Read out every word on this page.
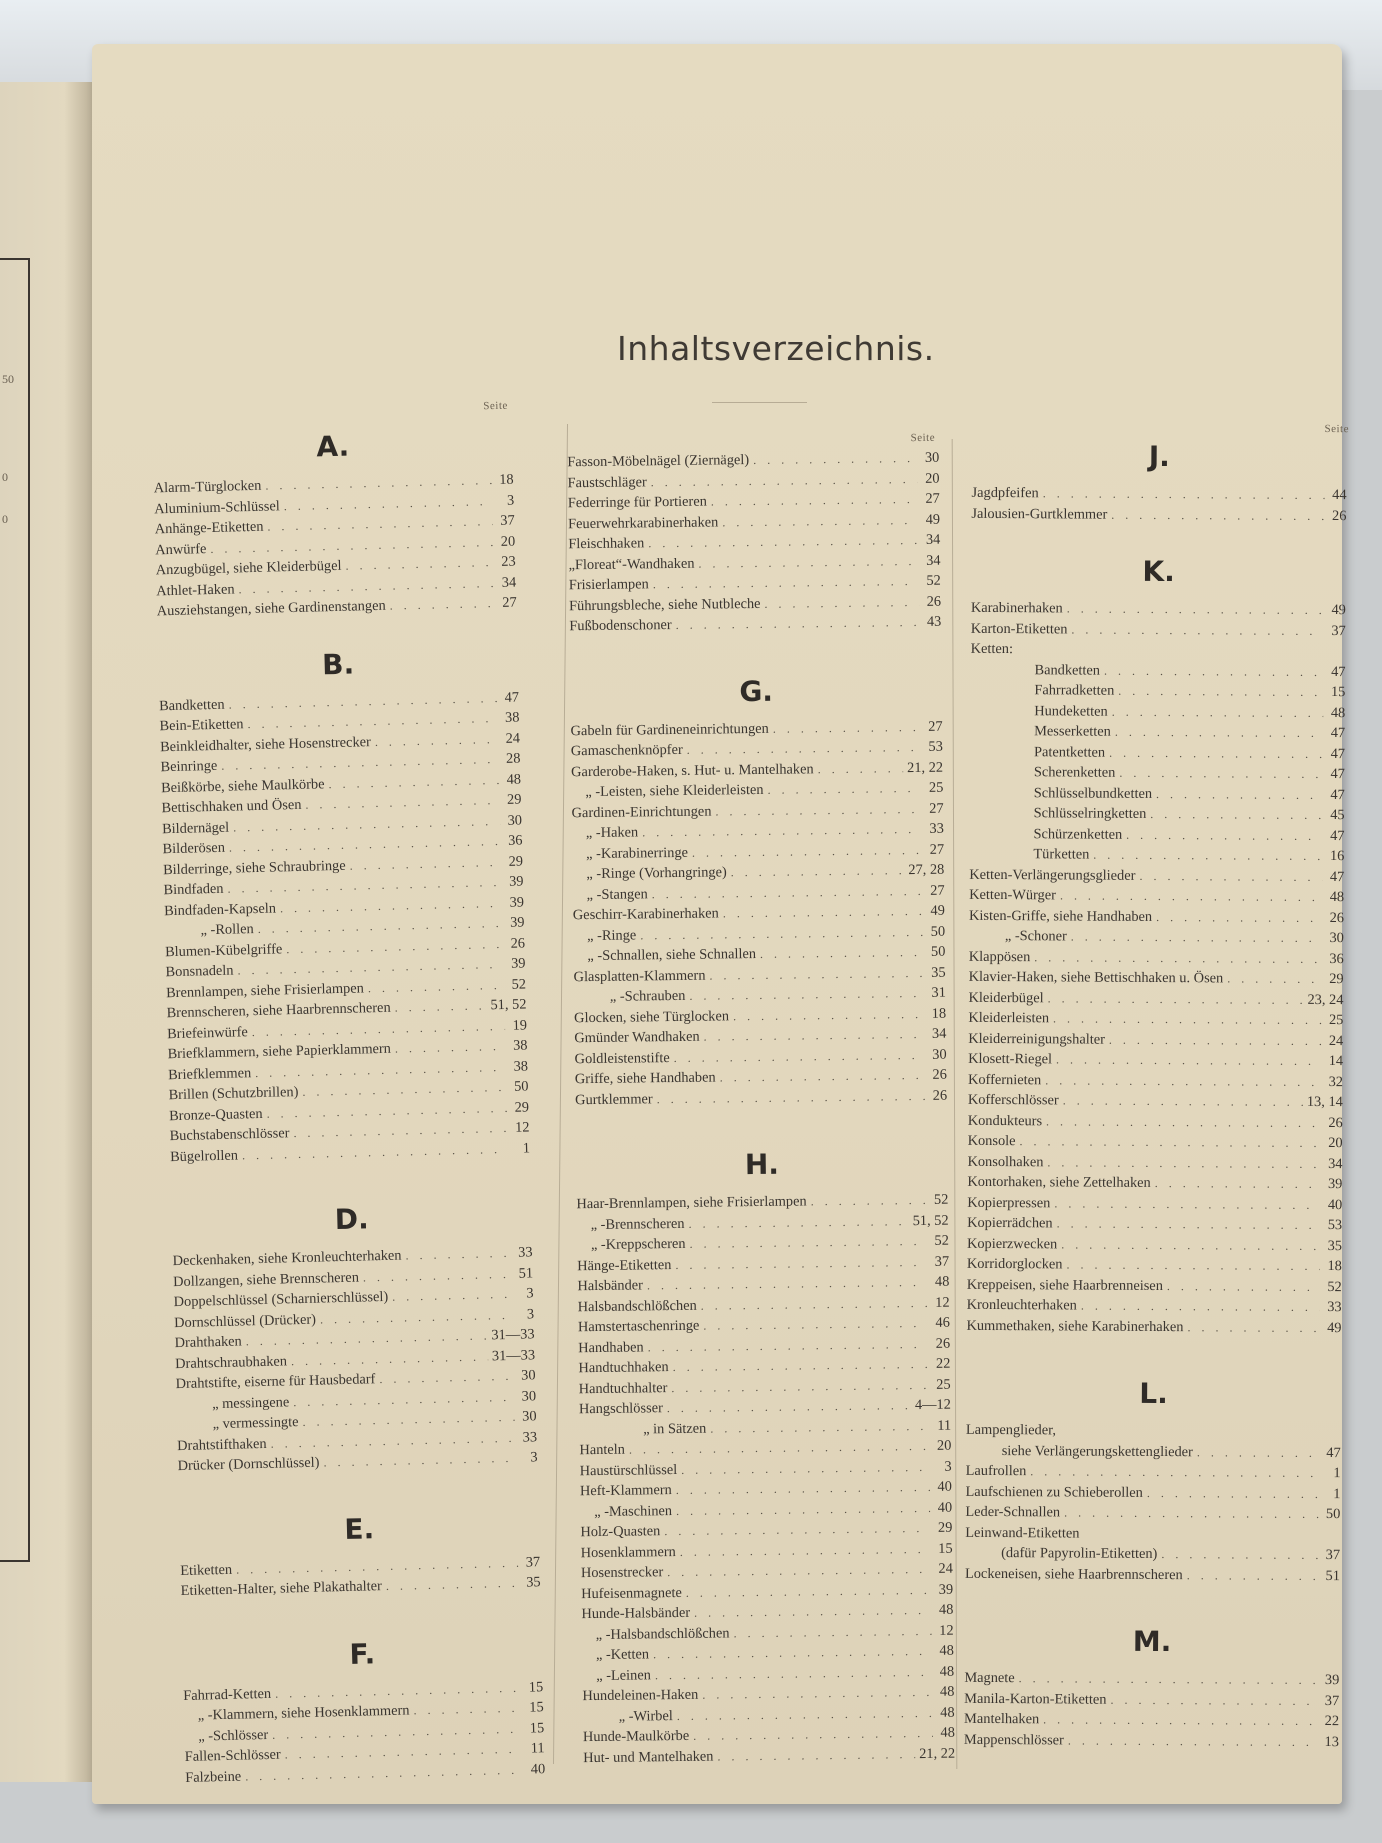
50
0
0
Inhaltsverzeichnis.
Seite
A.
Alarm-Türglocken . . .	18
Aluminium-Schlüssel . . .	3
Anhänge-Etiketten . . .	37
Anwürfe . . .	20
Anzugbügel, siehe Kleiderbügel . . .	23
Athlet-Haken . . .	34
Ausziehstangen, siehe Gardinenstangen . . .	27
B.
Bandketten . . .	47
Bein-Etiketten . . .	38
Beinkleidhalter, siehe Hosenstrecker . . .	24
Beinringe . . .	28
Beißkörbe, siehe Maulkörbe . . .	48
Bettischhaken und Ösen . . .	29
Bildernägel . . .	30
Bilderösen . . .	36
Bilderringe, siehe Schraubringe . . .	29
Bindfaden . . .	39
Bindfaden-Kapseln . . .	39
„ -Rollen . . .	39
Blumen-Kübelgriffe . . .	26
Bonsnadeln . . .	39
Brennlampen, siehe Frisierlampen . . .	52
Brennscheren, siehe Haarbrennscheren . . .	51, 52
Briefeinwürfe . . .	19
Briefklammern, siehe Papierklammern . . .	38
Briefklemmen . . .	38
Brillen (Schutzbrillen) . . .	50
Bronze-Quasten . . .	29
Buchstabenschlösser . . .	12
Bügelrollen . . .	1
D.
Deckenhaken, siehe Kronleuchterhaken . . .	33
Dollzangen, siehe Brennscheren . . .	51
Doppelschlüssel (Scharnierschlüssel) . . .	3
Dornschlüssel (Drücker) . . .	3
Drahthaken . . .	31—33
Drahtschraubhaken . . .	31—33
Drahtstifte, eiserne für Hausbedarf . . .	30
„ messingene . . .	30
„ vermessingte . . .	30
Drahtstifthaken . . .	33
Drücker (Dornschlüssel) . . .	3
E.
Etiketten . . .	37
Etiketten-Halter, siehe Plakathalter . . .	35
F.
Fahrrad-Ketten . . .	15
„ -Klammern, siehe Hosenklammern . . .	15
„ -Schlösser . . .	15
Fallen-Schlösser . . .	11
Falzbeine . . .	40
Seite
Fasson-Möbelnägel (Ziernägel) . . .	30
Faustschläger . . .	20
Federringe für Portieren . . .	27
Feuerwehrkarabinerhaken . . .	49
Fleischhaken . . .	34
„Floreat“-Wandhaken . . .	34
Frisierlampen . . .	52
Führungsbleche, siehe Nutbleche . . .	26
Fußbodenschoner . . .	43
G.
Gabeln für Gardineneinrichtungen . . .	27
Gamaschenknöpfer . . .	53
Garderobe-Haken, s. Hut- u. Mantelhaken . . .	21, 22
„ -Leisten, siehe Kleiderleisten . . .	25
Gardinen-Einrichtungen . . .	27
„ -Haken . . .	33
„ -Karabinerringe . . .	27
„ -Ringe (Vorhangringe) . . .	27, 28
„ -Stangen . . .	27
Geschirr-Karabinerhaken . . .	49
„ -Ringe . . .	50
„ -Schnallen, siehe Schnallen . . .	50
Glasplatten-Klammern . . .	35
„ -Schrauben . . .	31
Glocken, siehe Türglocken . . .	18
Gmünder Wandhaken . . .	34
Goldleistenstifte . . .	30
Griffe, siehe Handhaben . . .	26
Gurtklemmer . . .	26
H.
Haar-Brennlampen, siehe Frisierlampen . . .	52
„ -Brennscheren . . .	51, 52
„ -Kreppscheren . . .	52
Hänge-Etiketten . . .	37
Halsbänder . . .	48
Halsbandschlößchen . . .	12
Hamstertaschenringe . . .	46
Handhaben . . .	26
Handtuchhaken . . .	22
Handtuchhalter . . .	25
Hangschlösser . . .	4—12
„ in Sätzen . . .	11
Hanteln . . .	20
Haustürschlüssel . . .	3
Heft-Klammern . . .	40
„ -Maschinen . . .	40
Holz-Quasten . . .	29
Hosenklammern . . .	15
Hosenstrecker . . .	24
Hufeisenmagnete . . .	39
Hunde-Halsbänder . . .	48
„ -Halsbandschlößchen . . .	12
„ -Ketten . . .	48
„ -Leinen . . .	48
Hundeleinen-Haken . . .	48
„ -Wirbel . . .	48
Hunde-Maulkörbe . . .	48
Hut- und Mantelhaken . . .	21, 22
Seite
J.
Jagdpfeifen . . .	44
Jalousien-Gurtklemmer . . .	26
K.
Karabinerhaken . . .	49
Karton-Etiketten . . .	37
Ketten:
Bandketten . . .	47
Fahrradketten . . .	15
Hundeketten . . .	48
Messerketten . . .	47
Patentketten . . .	47
Scherenketten . . .	47
Schlüsselbundketten . . .	47
Schlüsselringketten . . .	45
Schürzenketten . . .	47
Türketten . . .	16
Ketten-Verlängerungsglieder . . .	47
Ketten-Würger . . .	48
Kisten-Griffe, siehe Handhaben . . .	26
„ -Schoner . . .	30
Klappösen . . .	36
Klavier-Haken, siehe Bettischhaken u. Ösen . . .	29
Kleiderbügel . . .	23, 24
Kleiderleisten . . .	25
Kleiderreinigungshalter . . .	24
Klosett-Riegel . . .	14
Koffernieten . . .	32
Kofferschlösser . . .	13, 14
Kondukteurs . . .	26
Konsole . . .	20
Konsolhaken . . .	34
Kontorhaken, siehe Zettelhaken . . .	39
Kopierpressen . . .	40
Kopierrädchen . . .	53
Kopierzwecken . . .	35
Korridorglocken . . .	18
Kreppeisen, siehe Haarbrenneisen . . .	52
Kronleuchterhaken . . .	33
Kummethaken, siehe Karabinerhaken . . .	49
L.
Lampenglieder,
siehe Verlängerungskettenglieder . . .	47
Laufrollen . . .	1
Laufschienen zu Schieberollen . . .	1
Leder-Schnallen . . .	50
Leinwand-Etiketten
(dafür Papyrolin-Etiketten) . . .	37
Lockeneisen, siehe Haarbrennscheren . . .	51
M.
Magnete . . .	39
Manila-Karton-Etiketten . . .	37
Mantelhaken . . .	22
Mappenschlösser . . .	13
